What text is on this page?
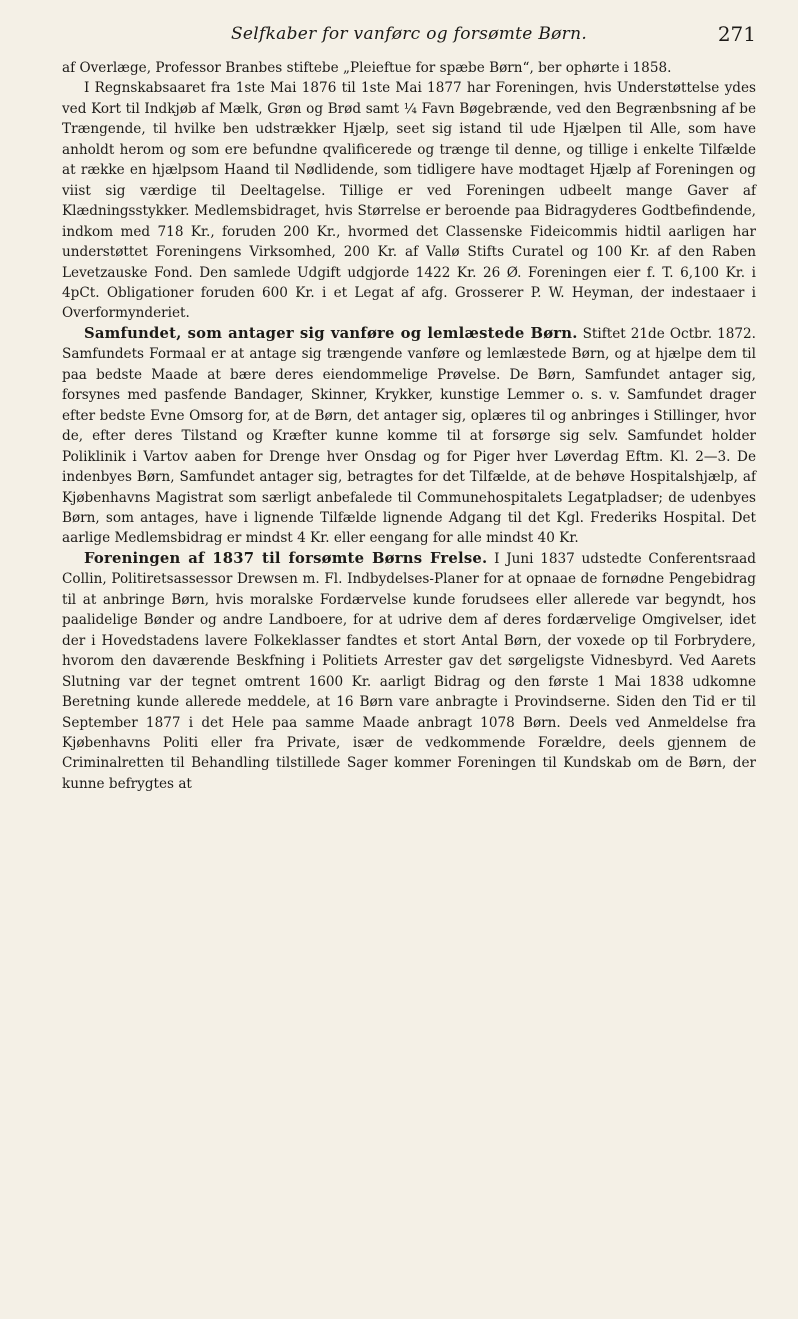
Selfkaber for vanførc og forsømte Børn.	271

af Overlæge, Professor Branbes stiftebe „Pleieftue for spæbe Børn“, ber ophørte i 1858.

I Regnskabsaaret fra 1ste Mai 1876 til 1ste Mai 1877 har Foreningen, hvis Understøttelse ydes ved Kort til Indkjøb af Mælk, Grøn og Brød samt ¼ Favn Bøgebrænde, ved den Begrænbsning af be Trængende, til hvilke ben udstrækker Hjælp, seet sig istand til ude Hjælpen til Alle, som have anholdt herom og som ere befundne qvalificerede og trænge til denne, og tillige i enkelte Tilfælde at række en hjælpsom Haand til Nødlidende, som tidligere have modtaget Hjælp af Foreningen og viist sig værdige til Deeltagelse. Tillige er ved Foreningen udbeelt mange Gaver af Klædningsstykker. Medlemsbidraget, hvis Størrelse er beroende paa Bidragyderes Godtbefindende, indkom med 718 Kr., foruden 200 Kr., hvormed det Classenske Fideicommis hidtil aarligen har understøttet Foreningens Virksomhed, 200 Kr. af Vallø Stifts Curatel og 100 Kr. af den Raben Levetzauske Fond. Den samlede Udgift udgjorde 1422 Kr. 26 Ø. Foreningen eier f. T. 6,100 Kr. i 4pCt. Obligationer foruden 600 Kr. i et Legat af afg. Grosserer P. W. Heyman, der indestaaer i Overformynderiet.

Samfundet, som antager sig vanføre og lemlæstede Børn. Stiftet 21de Octbr. 1872. Samfundets Formaal er at antage sig trængende vanføre og lemlæstede Børn, og at hjælpe dem til paa bedste Maade at bære deres eiendommelige Prøvelse. De Børn, Samfundet antager sig, forsynes med pasfende Bandager, Skinner, Krykker, kunstige Lemmer o. s. v. Samfundet drager efter bedste Evne Omsorg for, at de Børn, det antager sig, oplæres til og anbringes i Stillinger, hvor de, efter deres Tilstand og Kræfter kunne komme til at forsørge sig selv. Samfundet holder Poliklinik i Vartov aaben for Drenge hver Onsdag og for Piger hver Løverdag Eftm. Kl. 2—3. De indenbyes Børn, Samfundet antager sig, betragtes for det Tilfælde, at de behøve Hospitalshjælp, af Kjøbenhavns Magistrat som særligt anbefalede til Communehospitalets Legatpladser; de udenbyes Børn, som antages, have i lignende Tilfælde lignende Adgang til det Kgl. Frederiks Hospital. Det aarlige Medlemsbidrag er mindst 4 Kr. eller eengang for alle mindst 40 Kr.

Foreningen af 1837 til forsømte Børns Frelse. I Juni 1837 udstedte Conferentsraad Collin, Politiretsassessor Drewsen m. Fl. Indbydelses-Planer for at opnaae de fornødne Pengebidrag til at anbringe Børn, hvis moralske Fordærvelse kunde forudsees eller allerede var begyndt, hos paalidelige Bønder og andre Landboere, for at udrive dem af deres fordærvelige Omgivelser, idet der i Hovedstadens lavere Folkeklasser fandtes et stort Antal Børn, der voxede op til Forbrydere, hvorom den daværende Beskfning i Politiets Arrester gav det sørgeligste Vidnesbyrd. Ved Aarets Slutning var der tegnet omtrent 1600 Kr. aarligt Bidrag og den første 1 Mai 1838 udkomne Beretning kunde allerede meddele, at 16 Børn vare anbragte i Provindserne. Siden den Tid er til September 1877 i det Hele paa samme Maade anbragt 1078 Børn. Deels ved Anmeldelse fra Kjøbenhavns Politi eller fra Private, især de vedkommende Forældre, deels gjennem de Criminalretten til Behandling tilstillede Sager kommer Foreningen til Kundskab om de Børn, der kunne befrygtes at
